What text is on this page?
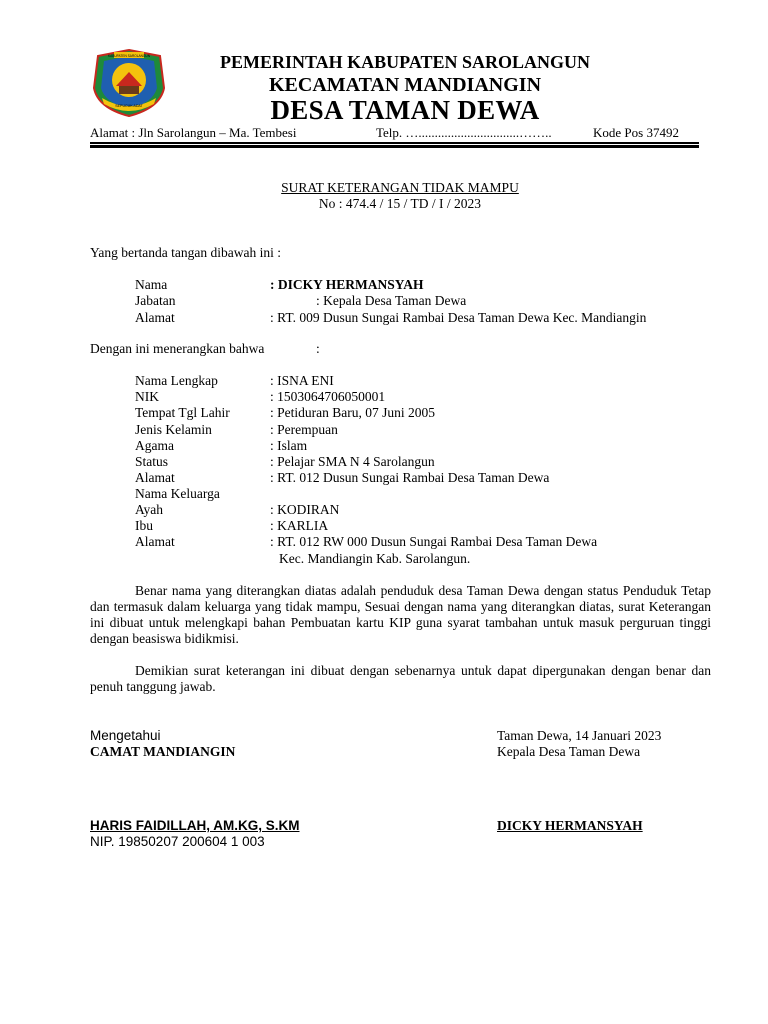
KABUPATEN SAROLANGUN
SEPUCUK ADAT
PEMERINTAH KABUPATEN SAROLANGUN
KECAMATAN MANDIANGIN
DESA TAMAN DEWA
Alamat : Jln Sarolangun – Ma. Tembesi	Telp. …...............................……..	Kode Pos 37492
SURAT KETERANGAN TIDAK MAMPU
No : 474.4 / 15 / TD / I / 2023
Yang bertanda tangan dibawah ini :
Nama	: DICKY HERMANSYAH
Jabatan	: Kepala Desa Taman Dewa
Alamat	: RT. 009 Dusun Sungai Rambai Desa Taman Dewa Kec. Mandiangin
Dengan ini menerangkan bahwa	:
Nama Lengkap	: ISNA ENI
NIK	: 1503064706050001
Tempat Tgl Lahir	: Petiduran Baru, 07 Juni 2005
Jenis Kelamin	: Perempuan
Agama	: Islam
Status	: Pelajar SMA N 4 Sarolangun
Alamat	: RT. 012 Dusun Sungai Rambai Desa Taman Dewa
Nama Keluarga
Ayah	: KODIRAN
Ibu	: KARLIA
Alamat	: RT. 012 RW 000 Dusun Sungai Rambai Desa Taman Dewa
Kec. Mandiangin Kab. Sarolangun.
Benar nama yang diterangkan diatas adalah penduduk desa Taman Dewa dengan status Penduduk Tetap dan termasuk dalam keluarga yang tidak mampu, Sesuai dengan nama yang diterangkan diatas, surat Keterangan ini dibuat untuk melengkapi bahan Pembuatan kartu KIP guna syarat tambahan untuk masuk perguruan tinggi dengan beasiswa bidikmisi.
Demikian surat keterangan ini dibuat dengan sebenarnya untuk dapat dipergunakan dengan benar dan penuh tanggung jawab.
Mengetahui
CAMAT MANDIANGIN
HARIS FAIDILLAH, AM.KG, S.KM
NIP. 19850207 200604 1 003
Taman Dewa, 14 Januari 2023
Kepala Desa Taman Dewa
DICKY HERMANSYAH
